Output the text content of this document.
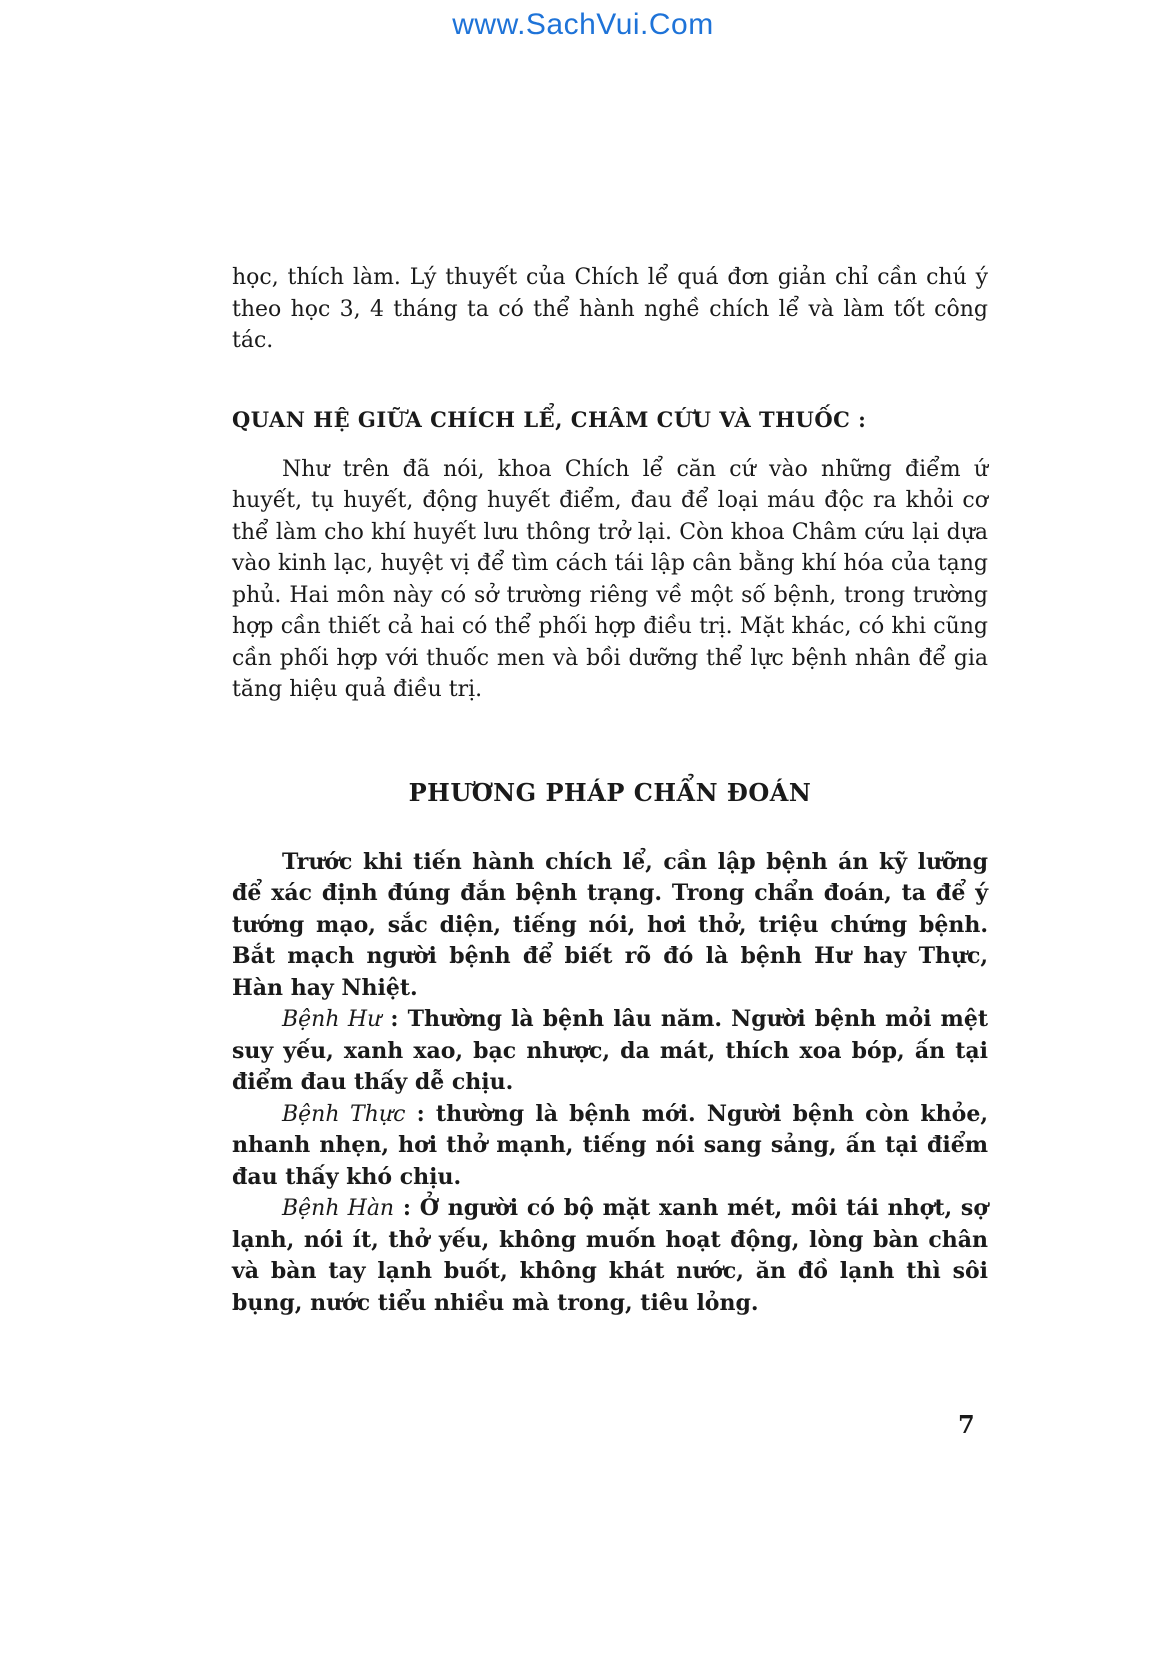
www.SachVui.Com

học, thích làm. Lý thuyết của Chích lể quá đơn giản chỉ cần chú ý theo học 3, 4 tháng ta có thể hành nghề chích lể và làm tốt công tác.

QUAN HỆ GIỮA CHÍCH LỂ, CHÂM CỨU VÀ THUỐC :

Như trên đã nói, khoa Chích lể căn cứ vào những điểm ứ huyết, tụ huyết, động huyết điểm, đau để loại máu độc ra khỏi cơ thể làm cho khí huyết lưu thông trở lại. Còn khoa Châm cứu lại dựa vào kinh lạc, huyệt vị để tìm cách tái lập cân bằng khí hóa của tạng phủ. Hai môn này có sở trường riêng về một số bệnh, trong trường hợp cần thiết cả hai có thể phối hợp điều trị. Mặt khác, có khi cũng cần phối hợp với thuốc men và bồi dưỡng thể lực bệnh nhân để gia tăng hiệu quả điều trị.

PHƯƠNG PHÁP CHẨN ĐOÁN

Trước khi tiến hành chích lể, cần lập bệnh án kỹ lưỡng để xác định đúng đắn bệnh trạng. Trong chẩn đoán, ta để ý tướng mạo, sắc diện, tiếng nói, hơi thở, triệu chứng bệnh. Bắt mạch người bệnh để biết rõ đó là bệnh Hư hay Thực, Hàn hay Nhiệt.

Bệnh Hư : Thường là bệnh lâu năm. Người bệnh mỏi mệt suy yếu, xanh xao, bạc nhược, da mát, thích xoa bóp, ấn tại điểm đau thấy dễ chịu.

Bệnh Thực : thường là bệnh mới. Người bệnh còn khỏe, nhanh nhẹn, hơi thở mạnh, tiếng nói sang sảng, ấn tại điểm đau thấy khó chịu.

Bệnh Hàn : Ở người có bộ mặt xanh mét, môi tái nhợt, sợ lạnh, nói ít, thở yếu, không muốn hoạt động, lòng bàn chân và bàn tay lạnh buốt, không khát nước, ăn đồ lạnh thì sôi bụng, nước tiểu nhiều mà trong, tiêu lỏng.

7
